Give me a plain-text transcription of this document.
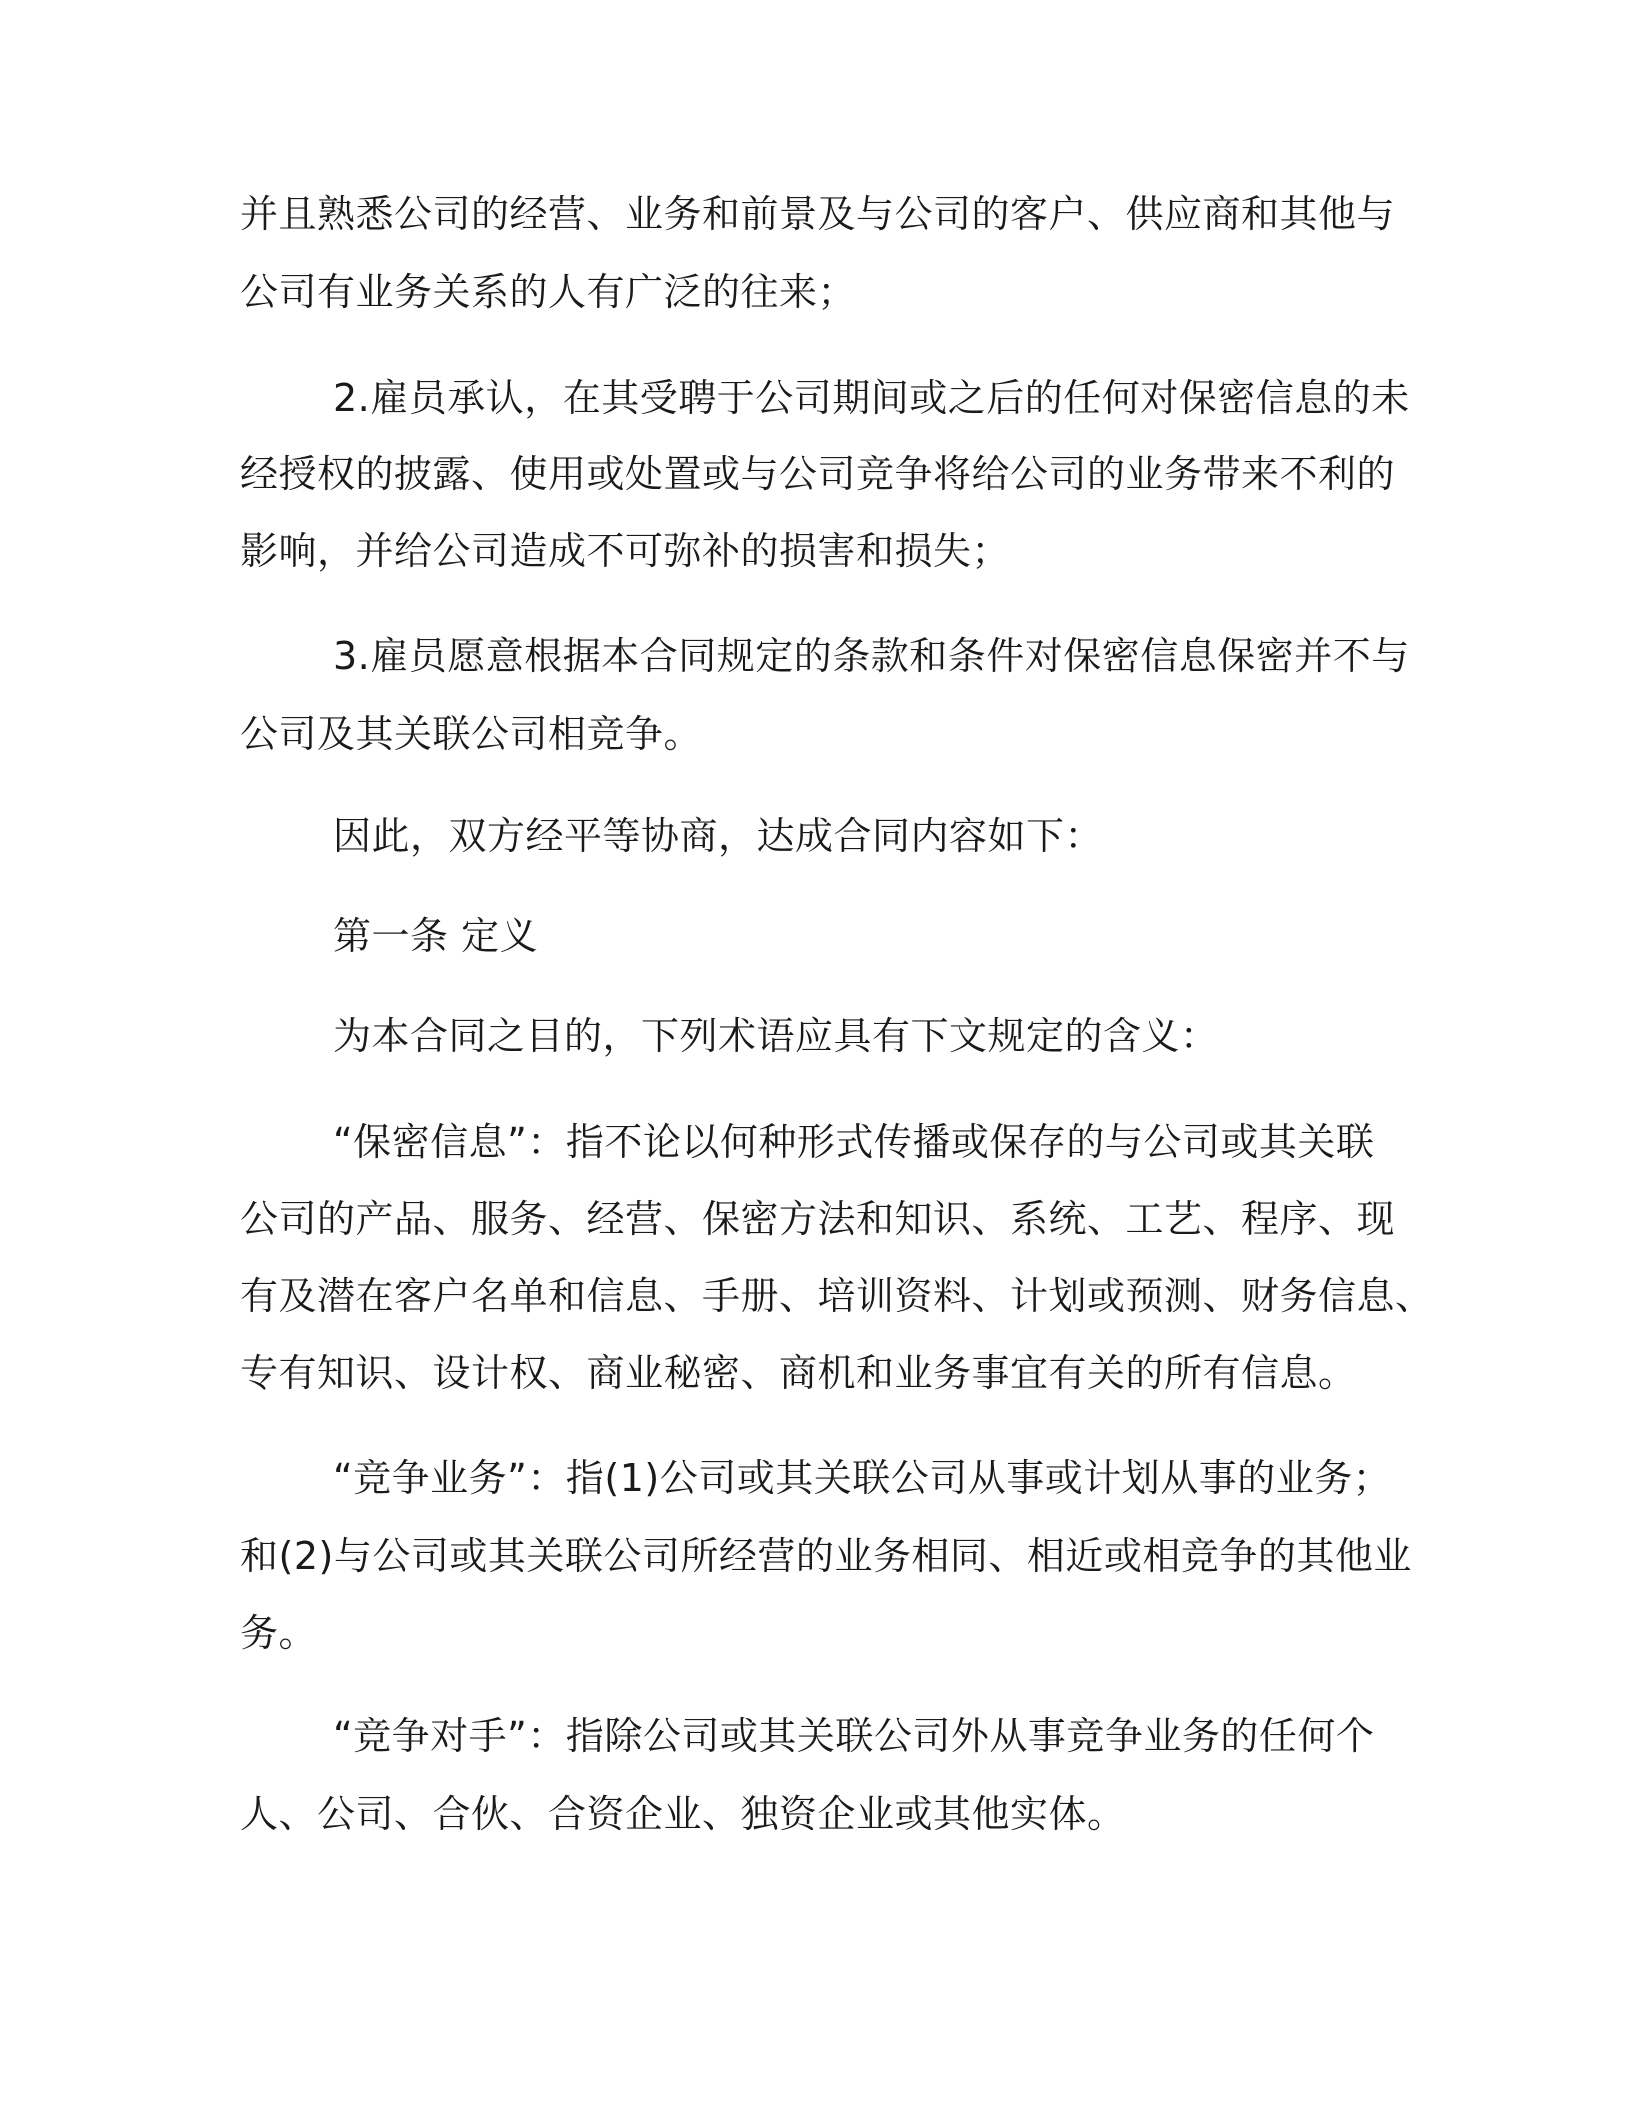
并且熟悉公司的经营、业务和前景及与公司的客户、供应商和其他与

公司有业务关系的人有广泛的往来；

2.雇员承认，在其受聘于公司期间或之后的任何对保密信息的未

经授权的披露、使用或处置或与公司竞争将给公司的业务带来不利的

影响，并给公司造成不可弥补的损害和损失；

3.雇员愿意根据本合同规定的条款和条件对保密信息保密并不与

公司及其关联公司相竞争。

因此，双方经平等协商，达成合同内容如下：

第一条 定义

为本合同之目的，下列术语应具有下文规定的含义：

“保密信息”：指不论以何种形式传播或保存的与公司或其关联

公司的产品、服务、经营、保密方法和知识、系统、工艺、程序、现

有及潜在客户名单和信息、手册、培训资料、计划或预测、财务信息、

专有知识、设计权、商业秘密、商机和业务事宜有关的所有信息。

“竞争业务”：指(1)公司或其关联公司从事或计划从事的业务；

和(2)与公司或其关联公司所经营的业务相同、相近或相竞争的其他业

务。

“竞争对手”：指除公司或其关联公司外从事竞争业务的任何个

人、公司、合伙、合资企业、独资企业或其他实体。
